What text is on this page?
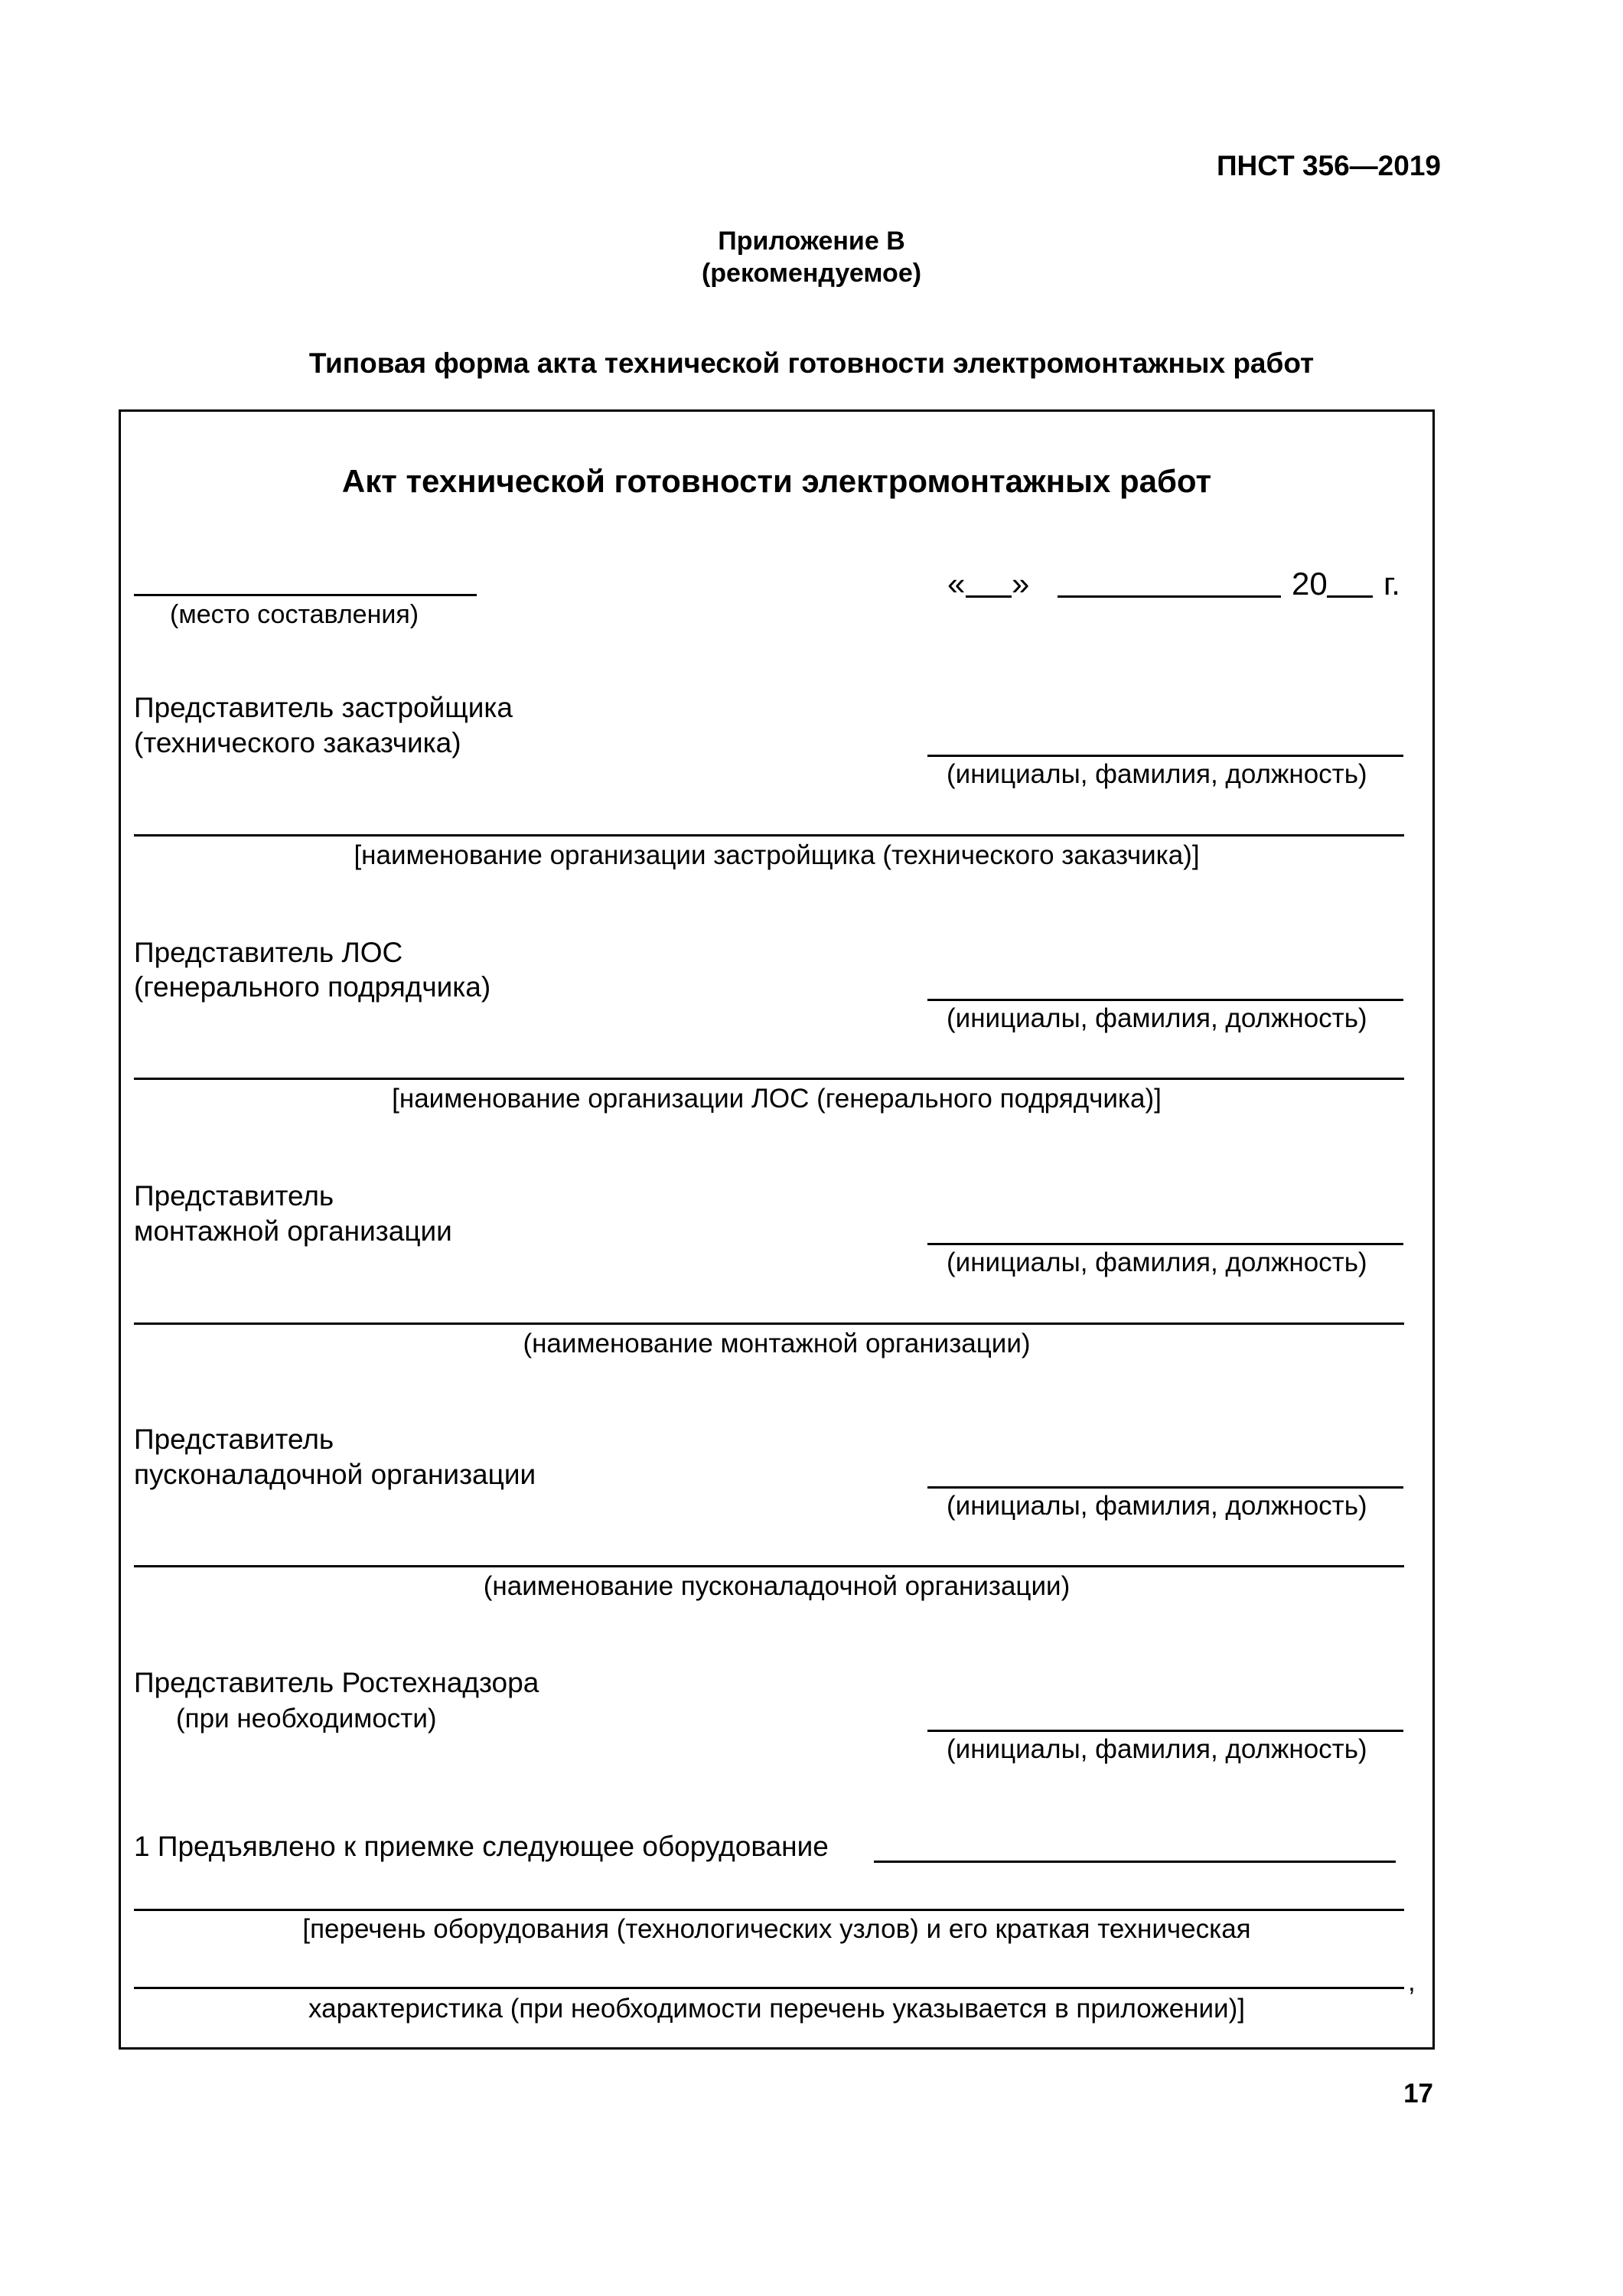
ПНСТ 356—2019
Приложение В
(рекомендуемое)
Типовая форма акта технической готовности электромонтажных работ
Акт технической готовности электромонтажных работ
(место составления)
« »	20 г.
Представитель застройщика
(технического заказчика)
(инициалы, фамилия, должность)
[наименование организации застройщика (технического заказчика)]
Представитель ЛОС
(генерального подрядчика)
(инициалы, фамилия, должность)
[наименование организации ЛОС (генерального подрядчика)]
Представитель
монтажной организации
(инициалы, фамилия, должность)
(наименование монтажной организации)
Представитель
пусконаладочной организации
(инициалы, фамилия, должность)
(наименование пусконаладочной организации)
Представитель Ростехнадзора
(при необходимости)
(инициалы, фамилия, должность)
1 Предъявлено к приемке следующее оборудование
[перечень оборудования (технологических узлов) и его краткая техническая
,
характеристика (при необходимости перечень указывается в приложении)]
17
